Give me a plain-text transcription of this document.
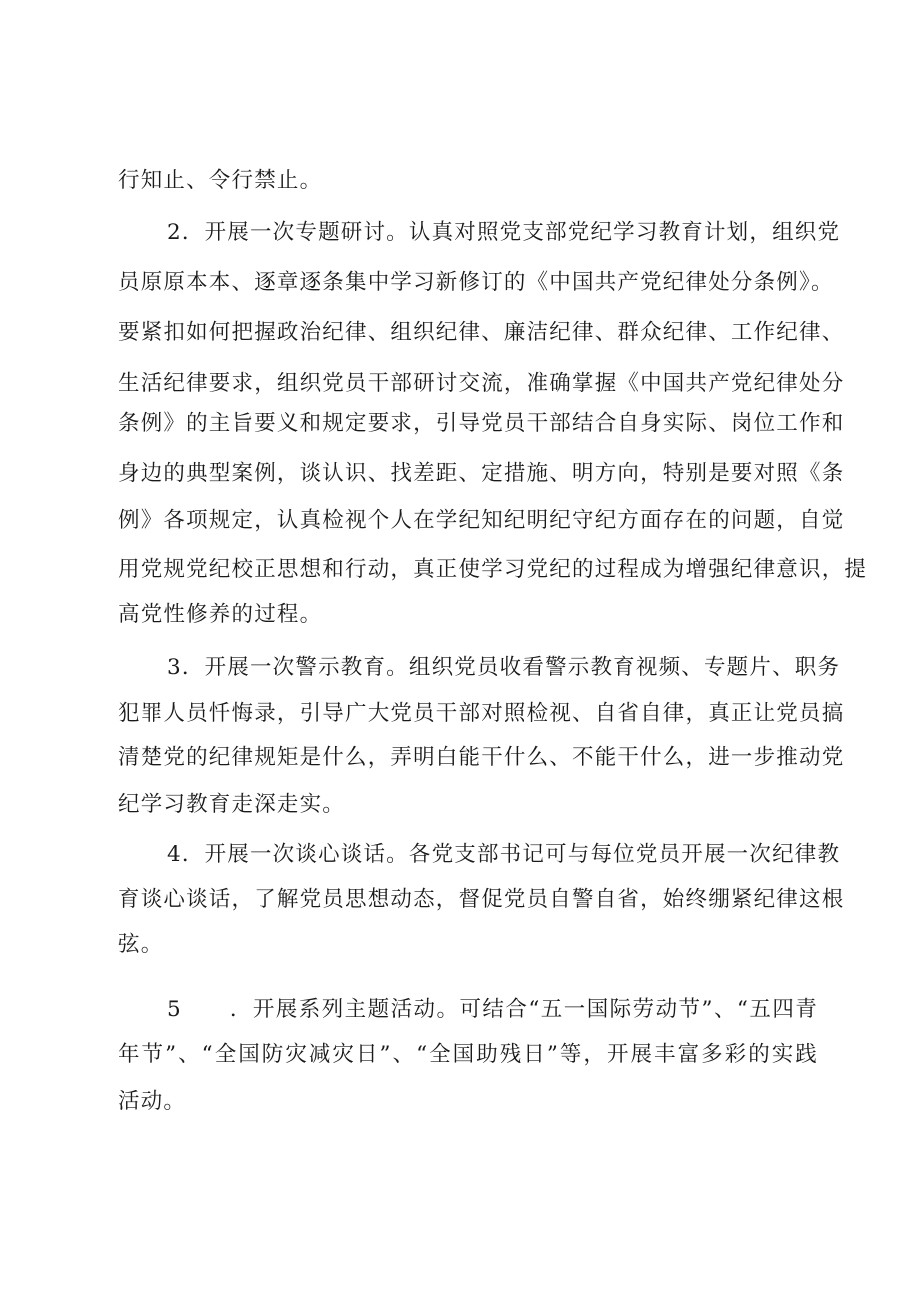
行知止、令行禁止。
2．开展一次专题研讨。认真对照党支部党纪学习教育计划，组织党
员原原本本、逐章逐条集中学习新修订的《中国共产党纪律处分条例》。
要紧扣如何把握政治纪律、组织纪律、廉洁纪律、群众纪律、工作纪律、
生活纪律要求，组织党员干部研讨交流，准确掌握《中国共产党纪律处分
条例》的主旨要义和规定要求，引导党员干部结合自身实际、岗位工作和
身边的典型案例，谈认识、找差距、定措施、明方向，特别是要对照《条
例》各项规定，认真检视个人在学纪知纪明纪守纪方面存在的问题，自觉
用党规党纪校正思想和行动，真正使学习党纪的过程成为增强纪律意识，提
高党性修养的过程。
3．开展一次警示教育。组织党员收看警示教育视频、专题片、职务
犯罪人员忏悔录，引导广大党员干部对照检视、自省自律，真正让党员搞
清楚党的纪律规矩是什么，弄明白能干什么、不能干什么，进一步推动党
纪学习教育走深走实。
4．开展一次谈心谈话。各党支部书记可与每位党员开展一次纪律教
育谈心谈话，了解党员思想动态，督促党员自警自省，始终绷紧纪律这根
弦。
5 ．开展系列主题活动。可结合“五一国际劳动节”、“五四青
年节”、“全国防灾减灾日”、“全国助残日”等，开展丰富多彩的实践
活动。
